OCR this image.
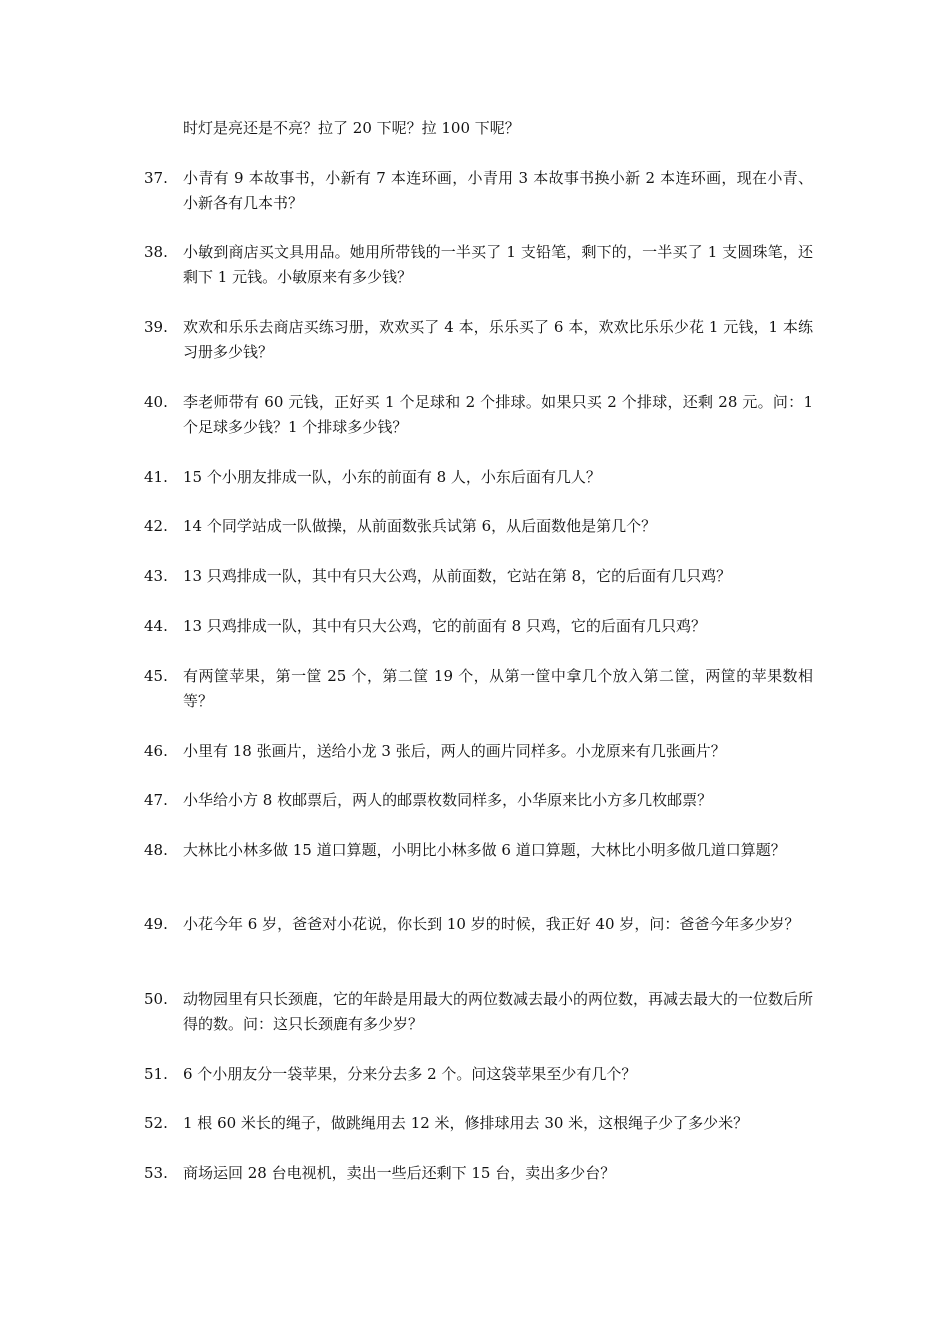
时灯是亮还是不亮？拉了 20 下呢？拉 100 下呢？
37.	小青有 9 本故事书，小新有 7 本连环画，小青用 3 本故事书换小新 2 本连环画，现在小青、小新各有几本书？
38.	小敏到商店买文具用品。她用所带钱的一半买了 1 支铅笔，剩下的，一半买了 1 支圆珠笔，还剩下 1 元钱。小敏原来有多少钱？
39.	欢欢和乐乐去商店买练习册，欢欢买了 4 本，乐乐买了 6 本，欢欢比乐乐少花 1 元钱，1 本练习册多少钱？
40.	李老师带有 60 元钱，正好买 1 个足球和 2 个排球。如果只买 2 个排球，还剩 28 元。问：1 个足球多少钱？1 个排球多少钱？
41.	15 个小朋友排成一队，小东的前面有 8 人，小东后面有几人？
42.	14 个同学站成一队做操，从前面数张兵试第 6，从后面数他是第几个？
43.	13 只鸡排成一队，其中有只大公鸡，从前面数，它站在第 8，它的后面有几只鸡？
44.	13 只鸡排成一队，其中有只大公鸡，它的前面有 8 只鸡，它的后面有几只鸡？
45.	有两筐苹果，第一筐 25 个，第二筐 19 个，从第一筐中拿几个放入第二筐，两筐的苹果数相等？
46.	小里有 18 张画片，送给小龙 3 张后，两人的画片同样多。小龙原来有几张画片？
47.	小华给小方 8 枚邮票后，两人的邮票枚数同样多，小华原来比小方多几枚邮票？
48.	大林比小林多做 15 道口算题，小明比小林多做 6 道口算题，大林比小明多做几道口算题？
49.	小花今年 6 岁，爸爸对小花说，你长到 10 岁的时候，我正好 40 岁，问：爸爸今年多少岁？
50.	动物园里有只长颈鹿，它的年龄是用最大的两位数减去最小的两位数，再减去最大的一位数后所得的数。问：这只长颈鹿有多少岁？
51.	6 个小朋友分一袋苹果，分来分去多 2 个。问这袋苹果至少有几个？
52.	1 根 60 米长的绳子，做跳绳用去 12 米，修排球用去 30 米，这根绳子少了多少米？
53.	商场运回 28 台电视机，卖出一些后还剩下 15 台，卖出多少台？
